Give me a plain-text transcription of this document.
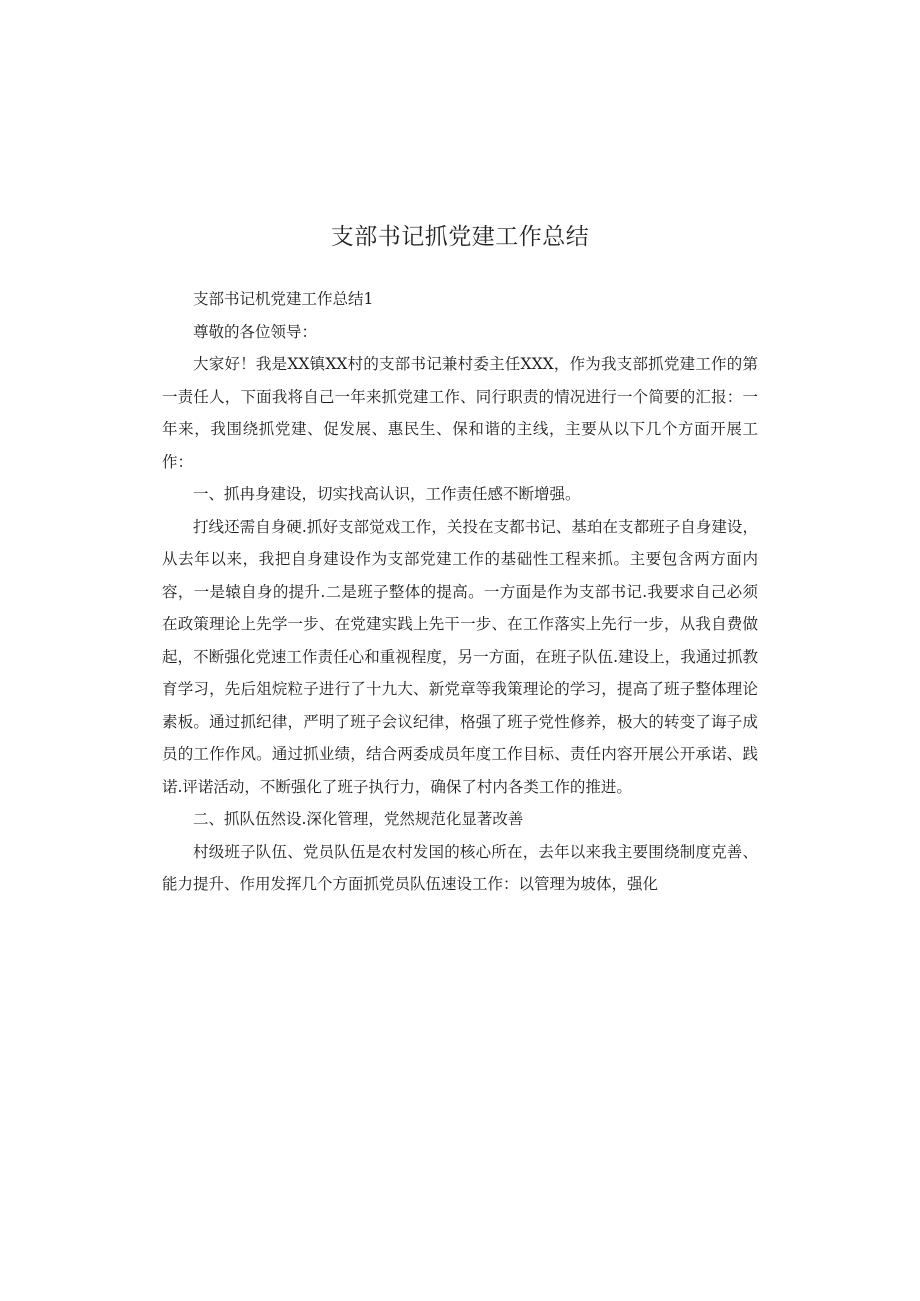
支部书记抓党建工作总结

支部书记机党建工作总结1

尊敬的各位领导：

大家好！我是XX镇XX村的支部书记兼村委主任XXX，作为我支部抓党建工作的第一责任人，下面我将自己一年来抓党建工作、同行职责的情况进行一个简要的汇报：一年来，我围绕抓党建、促发展、惠民生、保和谐的主线，主要从以下几个方面开展工作：

一、抓冉身建设，切实找高认识，工作责任感不断增强。

打线还需自身硬.抓好支部觉戏工作，关投在支都书记、基珀在支都班子自身建设，从去年以来，我把自身建设作为支部党建工作的基础性工程来抓。主要包含两方面内容，一是辕自身的提升.二是班子整体的提高。一方面是作为支部书记.我要求自己必须在政策理论上先学一步、在党建实践上先干一步、在工作落实上先行一步，从我自费做起，不断强化党速工作责任心和重视程度，另一方面，在班子队伍.建设上，我通过抓教育学习，先后俎烷粒子进行了十九大、新党章等我策理论的学习，提高了班子整体理论素板。通过抓纪律，严明了班子会议纪律，格强了班子党性修养，极大的转变了诲子成员的工作作风。通过抓业绩，结合两委成员年度工作目标、责任内容开展公开承诺、践诺.评诺活动，不断强化了班子执行力，确保了村内各类工作的推进。

二、抓队伍然设.深化管理，党然规范化显著改善

村级班子队伍、党员队伍是农村发国的核心所在，去年以来我主要围绕制度克善、能力提升、作用发挥几个方面抓党员队伍速设工作：以管理为坡体，强化
